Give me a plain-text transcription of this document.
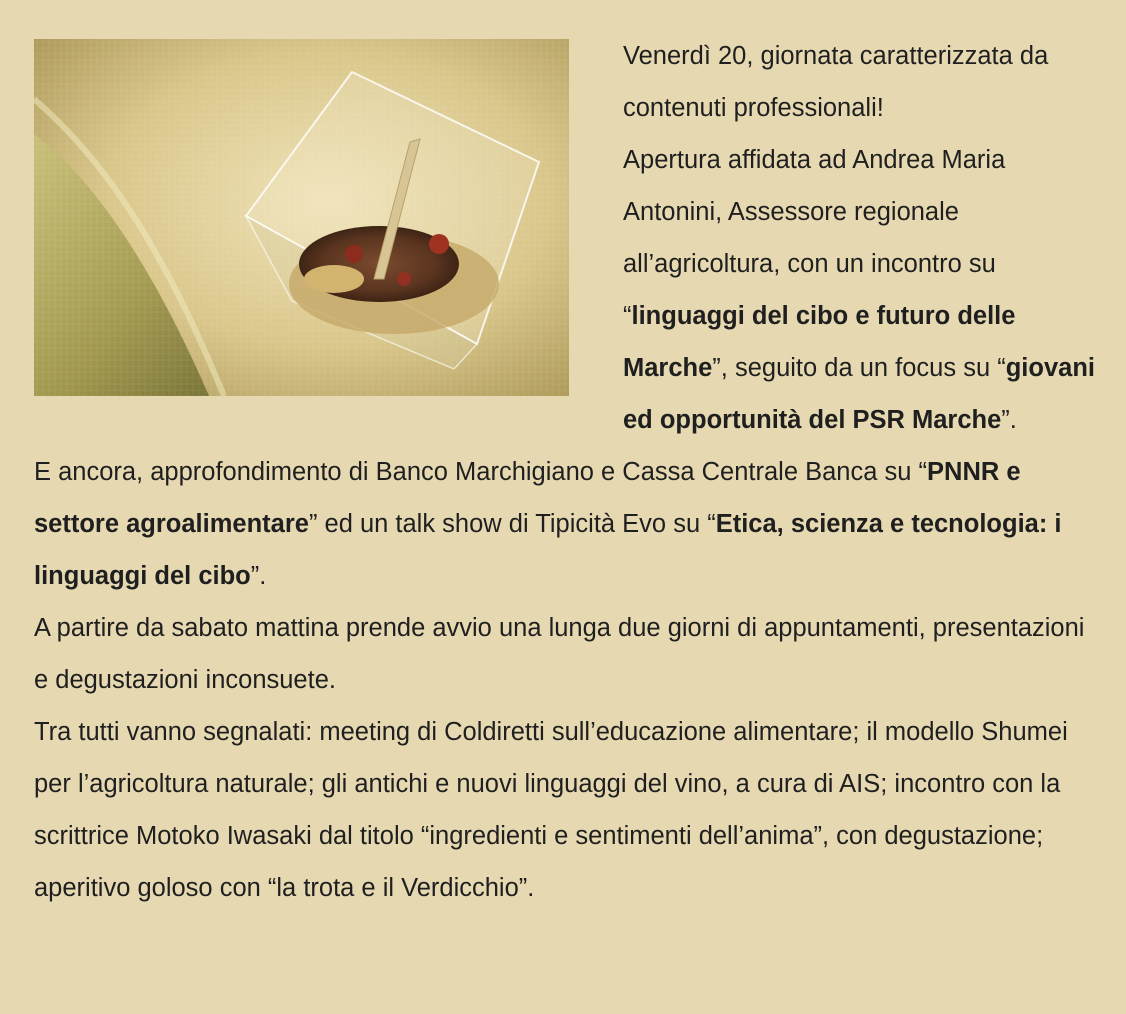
Venerdì 20, giornata caratterizzata da contenuti professionali!

Apertura affidata ad Andrea Maria Antonini, Assessore regionale all’agricoltura, con un incontro su “linguaggi del cibo e futuro delle Marche”, seguito da un focus su “giovani ed opportunità del PSR Marche”.

E ancora, approfondimento di Banco Marchigiano e Cassa Centrale Banca su “PNNR e settore agroalimentare” ed un talk show di Tipicità Evo su “Etica, scienza e tecnologia: i linguaggi del cibo”.

A partire da sabato mattina prende avvio una lunga due giorni di appuntamenti, presentazioni e degustazioni inconsuete.

Tra tutti vanno segnalati: meeting di Coldiretti sull’educazione alimentare; il modello Shumei per l’agricoltura naturale; gli antichi e nuovi linguaggi del vino, a cura di AIS; incontro con la scrittrice Motoko Iwasaki dal titolo “ingredienti e sentimenti dell’anima”, con degustazione; aperitivo goloso con “la trota e il Verdicchio”.
